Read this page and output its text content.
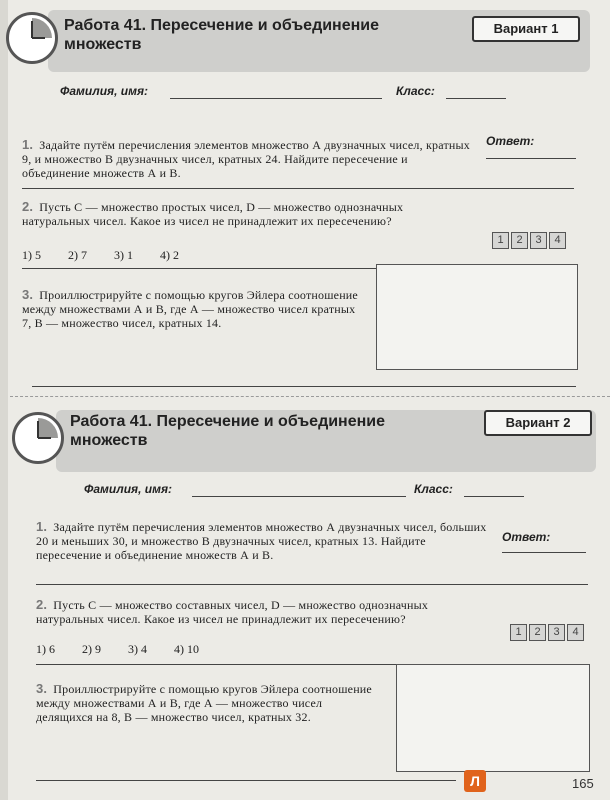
Работа 41. Пересечение и объединение множеств
Вариант 1
Фамилия, имя:	Класс:
1. Задайте путём перечисления элементов множество А двузначных чисел, кратных 9, и множество В двузначных чисел, кратных 24. Найдите пересечение и объединение множеств А и В.
Ответ:
2. Пусть С — множество простых чисел, D — множество однозначных натуральных чисел. Какое из чисел не принадлежит их пересечению?
1) 5 2) 7 3) 1 4) 2
1	2	3	4
3. Проиллюстрируйте с помощью кругов Эйлера соотношение между множествами А и В, где А — множество чисел кратных 7, В — множество чисел, кратных 14.
Работа 41. Пересечение и объединение множеств
Вариант 2
Фамилия, имя:	Класс:
1. Задайте путём перечисления элементов множество А двузначных чисел, больших 20 и меньших 30, и множество В двузначных чисел, кратных 13. Найдите пересечение и объединение множеств А и В.
Ответ:
2. Пусть С — множество составных чисел, D — множество однозначных натуральных чисел. Какое из чисел не принадлежит их пересечению?
1) 6 2) 9 3) 4 4) 10
1	2	3	4
3. Проиллюстрируйте с помощью кругов Эйлера соотношение между множествами А и В, где А — множество чисел делящихся на 8, В — множество чисел, кратных 32.
Л	165
